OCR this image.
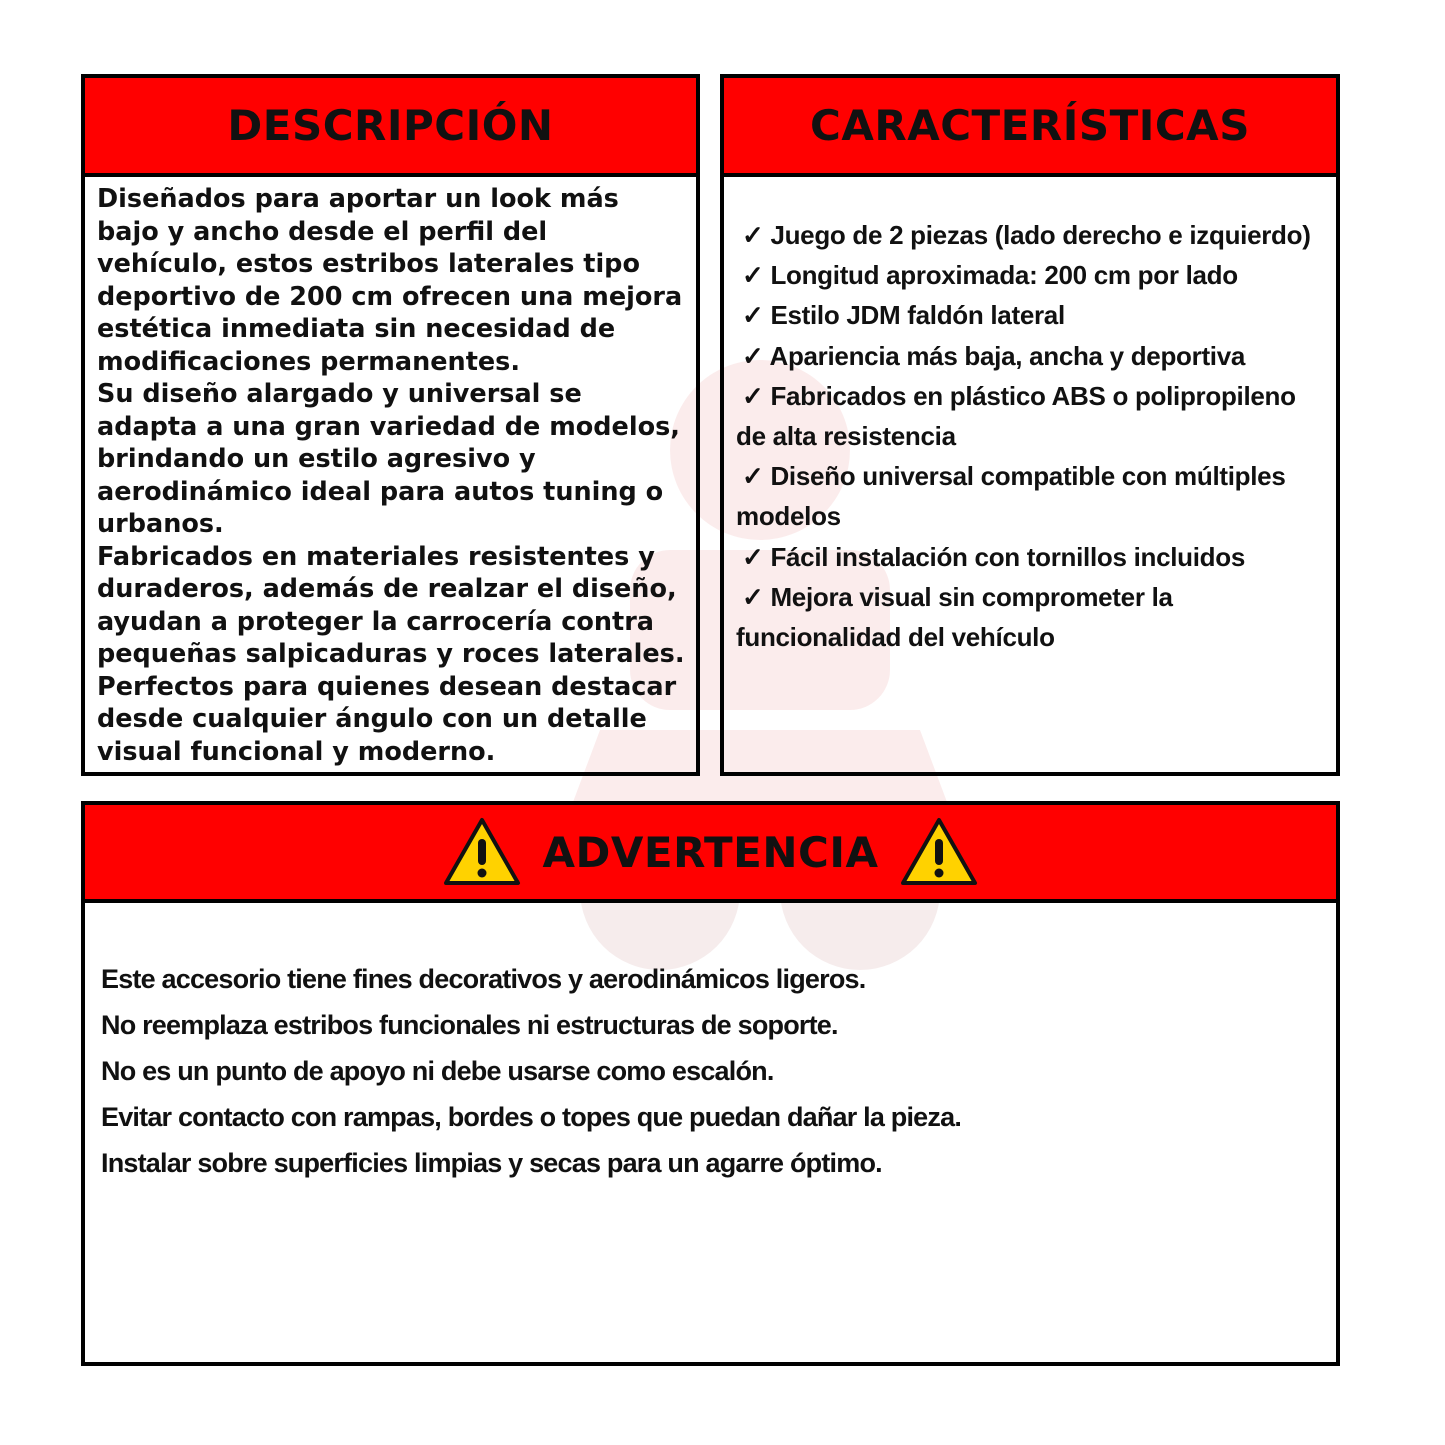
DESCRIPCIÓN

Diseñados para aportar un look más bajo y ancho desde el perfil del vehículo, estos estribos laterales tipo deportivo de 200 cm ofrecen una mejora estética inmediata sin necesidad de modificaciones permanentes.

Su diseño alargado y universal se adapta a una gran variedad de modelos, brindando un estilo agresivo y aerodinámico ideal para autos tuning o urbanos.

Fabricados en materiales resistentes y duraderos, además de realzar el diseño, ayudan a proteger la carrocería contra pequeñas salpicaduras y roces laterales.

Perfectos para quienes desean destacar desde cualquier ángulo con un detalle visual funcional y moderno.

CARACTERÍSTICAS

✓ Juego de 2 piezas (lado derecho e izquierdo)

✓ Longitud aproximada: 200 cm por lado

✓ Estilo JDM faldón lateral

✓ Apariencia más baja, ancha y deportiva

✓ Fabricados en plástico ABS o polipropileno de alta resistencia

✓ Diseño universal compatible con múltiples modelos

✓ Fácil instalación con tornillos incluidos

✓ Mejora visual sin comprometer la funcionalidad del vehículo

ADVERTENCIA

Este accesorio tiene fines decorativos y aerodinámicos ligeros.

No reemplaza estribos funcionales ni estructuras de soporte.

No es un punto de apoyo ni debe usarse como escalón.

Evitar contacto con rampas, bordes o topes que puedan dañar la pieza.

Instalar sobre superficies limpias y secas para un agarre óptimo.
